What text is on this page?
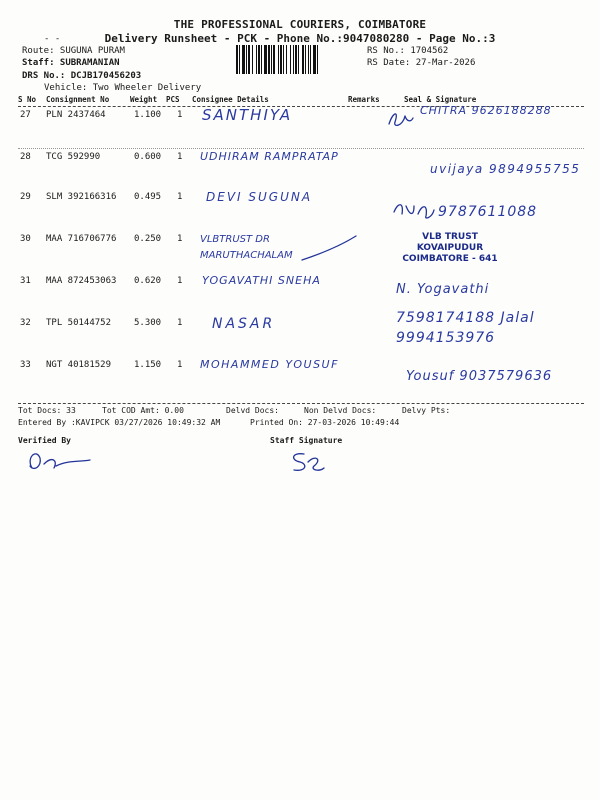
THE PROFESSIONAL COURIERS, COIMBATORE
Delivery Runsheet - PCK - Phone No.:9047080280 - Page No.:3
- -
Route: SUGUNA PURAM
Staff: SUBRAMANIAN
DRS No.: DCJB170456203
Vehicle: Two Wheeler Delivery
RS No.: 1704562
RS Date: 27-Mar-2026
S No Consignment No	Weight PCS Consignee Details	Remarks	Seal & Signature
27 PLN 2437464	1.100 1 SANTHIYA	CHITRA 9626188288
28 TCG 592990	0.600 1 UDHIRAM RAMPRATAP
uvijaya 9894955755
29 SLM 392166316 0.495 1 DEVI SUGUNA
9787611088
30 MAA 716706776 0.250 1 VLBTRUST DR MARUTHACHALAM
VLB TRUST KOVAIPUDUR COIMBATORE - 641
31 MAA 872453063 0.620 1 YOGAVATHI SNEHA
N. Yogavathi
32 TPL 50144752	5.300 1 NASAR	7598174188 Jalal 9994153976
33 NGT 40181529	1.150 1 MOHAMMED YOUSUF
Yousuf 9037579636
Tot Docs: 33	Tot COD Amt: 0.00	Delvd Docs:	Non Delvd Docs:	Delvy Pts:
Entered By :KAVIPCK 03/27/2026 10:49:32 AM	Printed On: 27-03-2026 10:49:44
Verified By	Staff Signature
